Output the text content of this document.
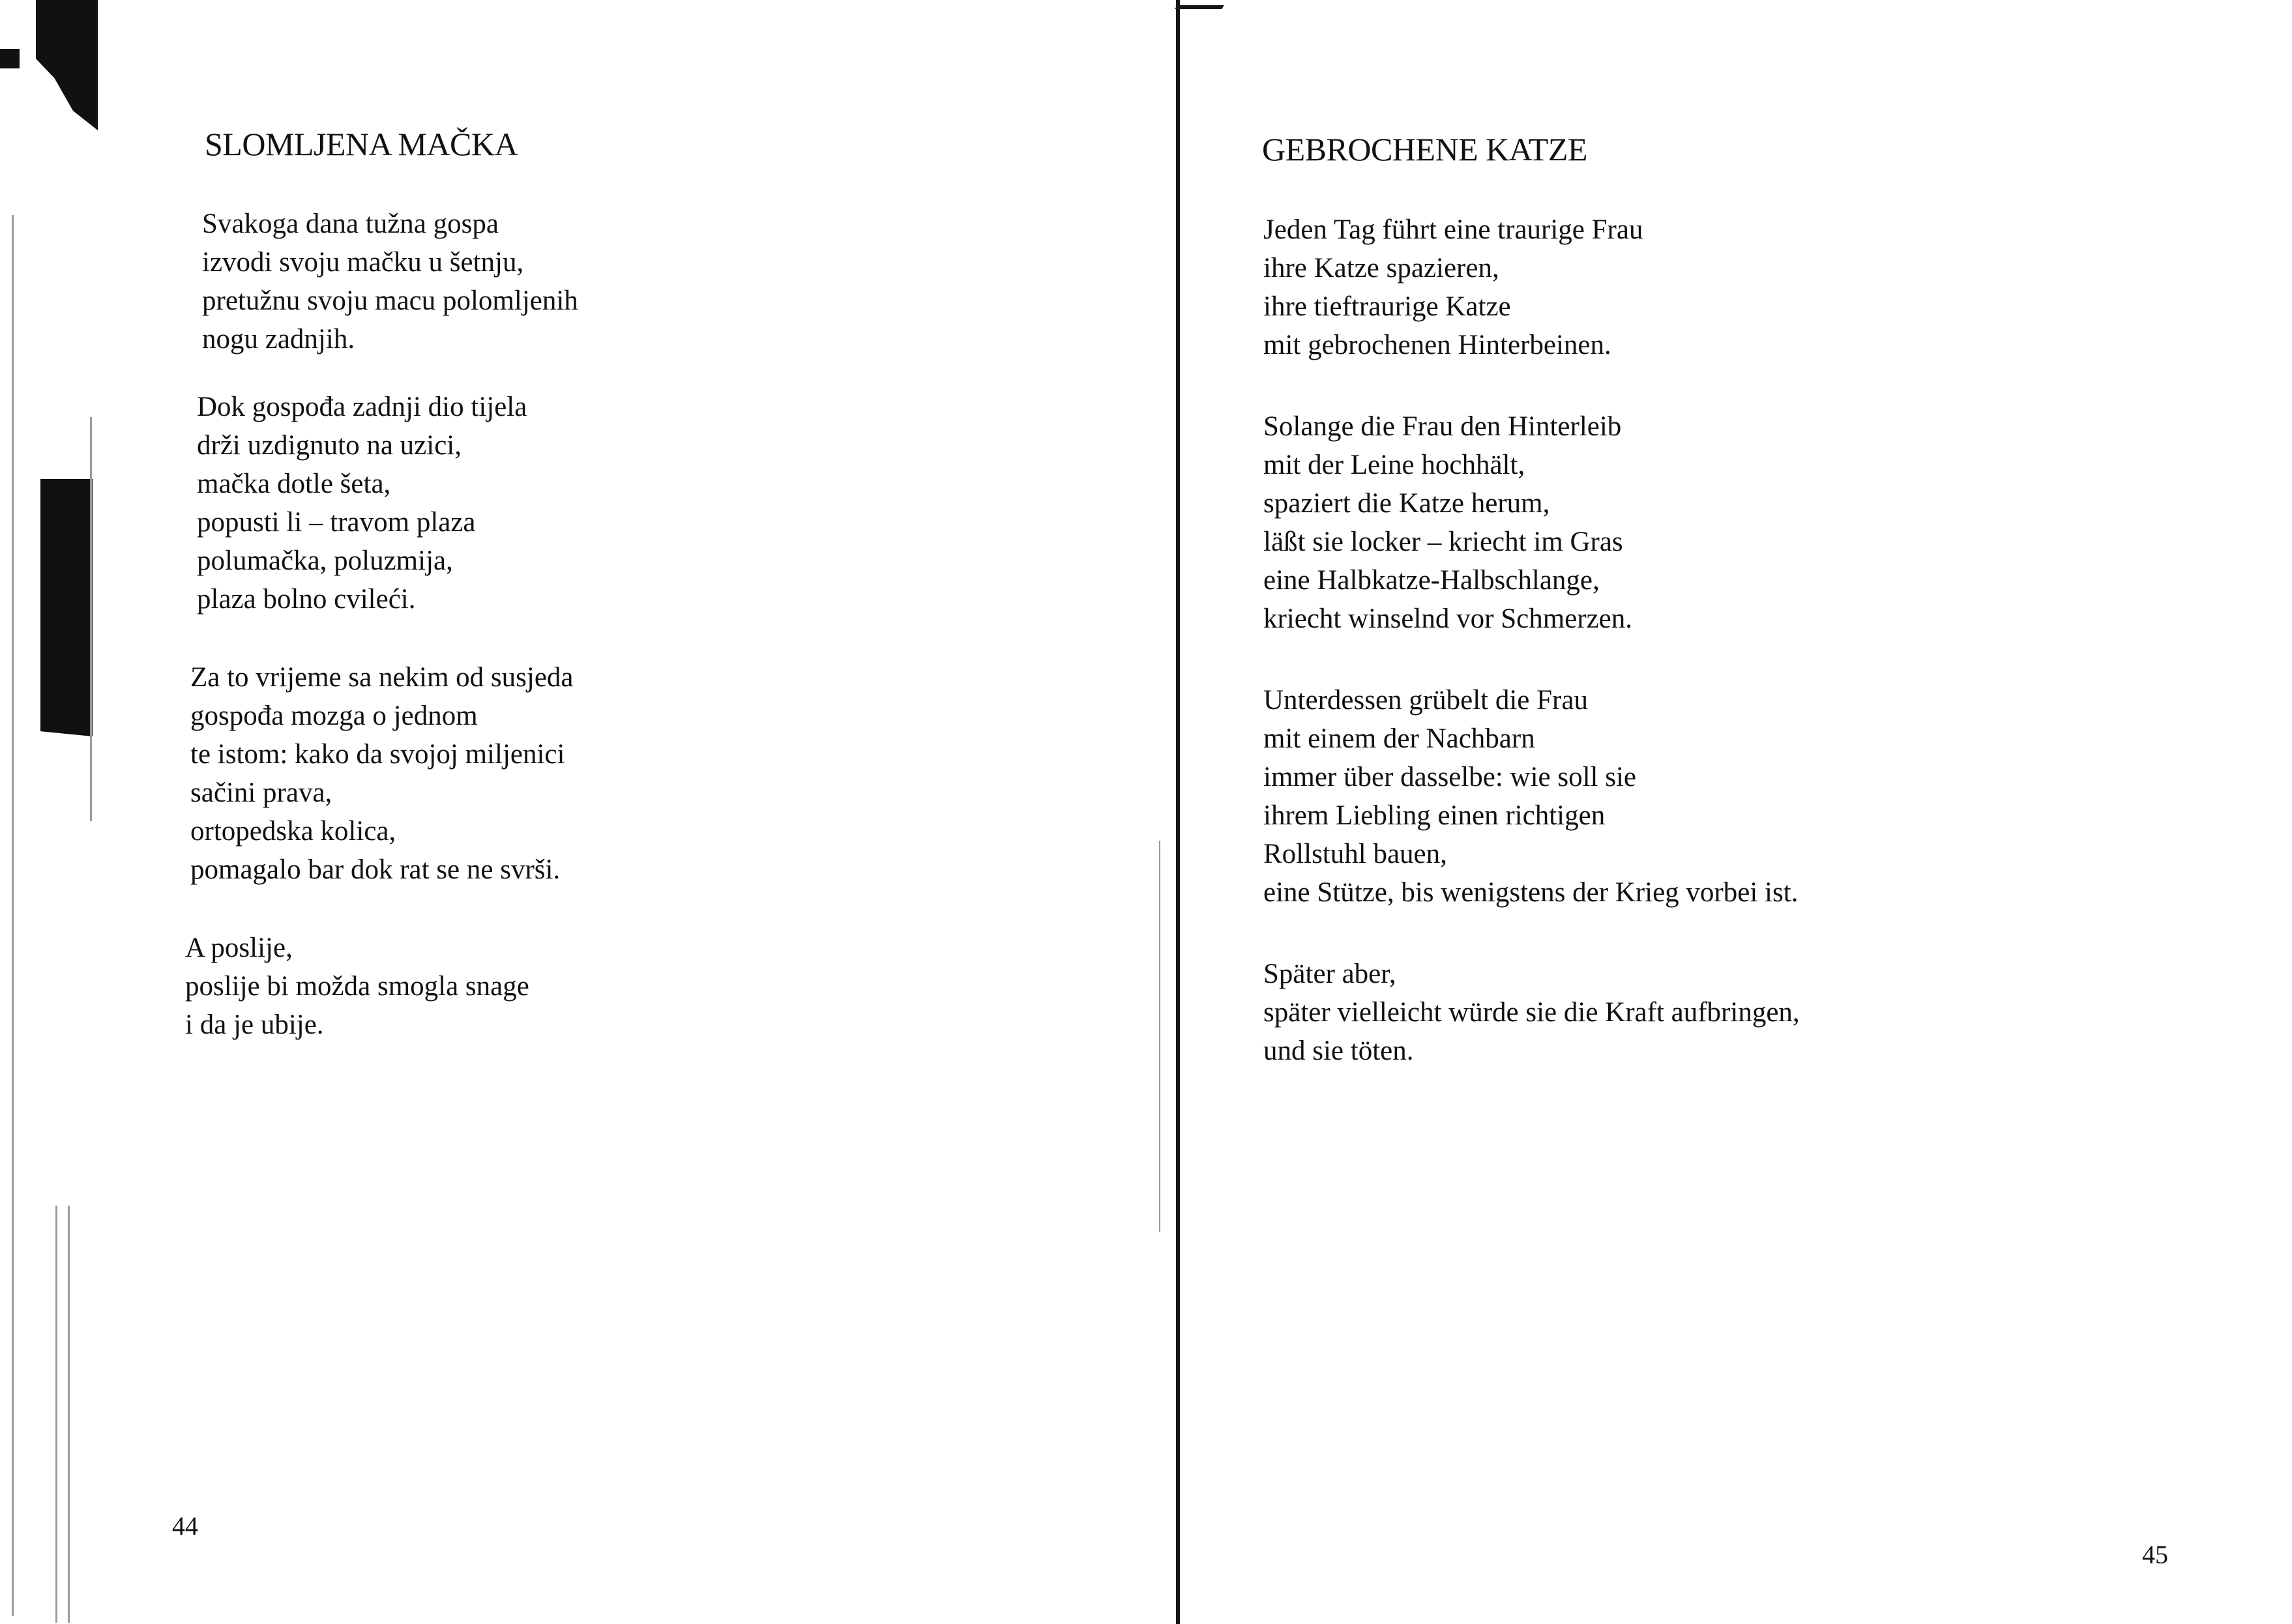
SLOMLJENA MAČKA
Svakoga dana tužna gospa
izvodi svoju mačku u šetnju,
pretužnu svoju macu polomljenih
nogu zadnjih.
Dok gospođa zadnji dio tijela
drži uzdignuto na uzici,
mačka dotle šeta,
popusti li – travom plaza
polumačka, poluzmija,
plaza bolno cvileći.
Za to vrijeme sa nekim od susjeda
gospođa mozga o jednom
te istom: kako da svojoj miljenici
sačini prava,
ortopedska kolica,
pomagalo bar dok rat se ne svrši.
A poslije,
poslije bi možda smogla snage
i da je ubije.
44
GEBROCHENE KATZE
Jeden Tag führt eine traurige Frau
ihre Katze spazieren,
ihre tieftraurige Katze
mit gebrochenen Hinterbeinen.
Solange die Frau den Hinterleib
mit der Leine hochhält,
spaziert die Katze herum,
läßt sie locker – kriecht im Gras
eine Halbkatze-Halbschlange,
kriecht winselnd vor Schmerzen.
Unterdessen grübelt die Frau
mit einem der Nachbarn
immer über dasselbe: wie soll sie
ihrem Liebling einen richtigen
Rollstuhl bauen,
eine Stütze, bis wenigstens der Krieg vorbei ist.
Später aber,
später vielleicht würde sie die Kraft aufbringen,
und sie töten.
45
